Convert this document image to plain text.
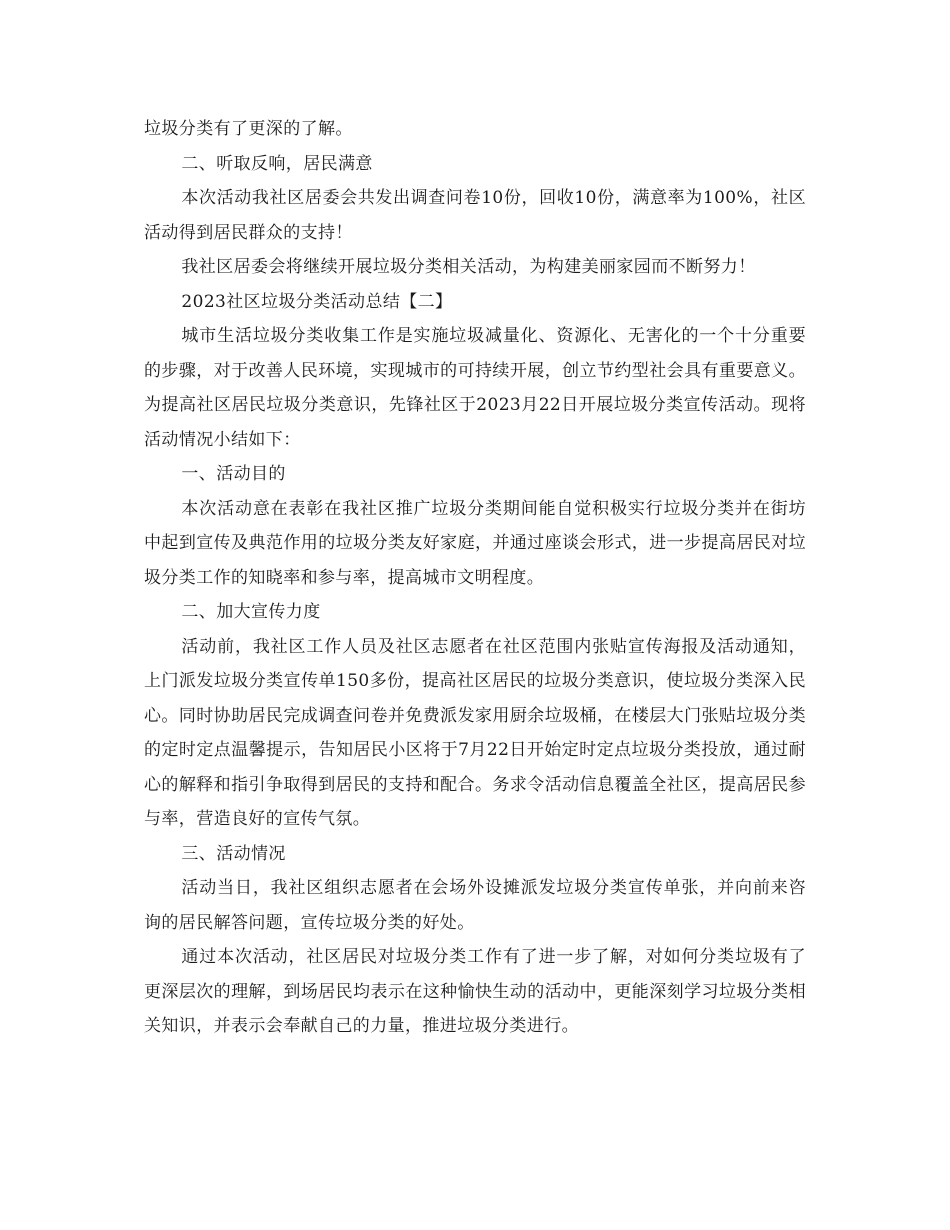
垃圾分类有了更深的了解。

二、听取反响，居民满意

本次活动我社区居委会共发出调查问卷10份，回收10份，满意率为100%，社区活动得到居民群众的支持！

我社区居委会将继续开展垃圾分类相关活动，为构建美丽家园而不断努力！

2023社区垃圾分类活动总结【二】

城市生活垃圾分类收集工作是实施垃圾减量化、资源化、无害化的一个十分重要的步骤，对于改善人民环境，实现城市的可持续开展，创立节约型社会具有重要意义。为提高社区居民垃圾分类意识，先锋社区于2023月22日开展垃圾分类宣传活动。现将活动情况小结如下：

一、活动目的

本次活动意在表彰在我社区推广垃圾分类期间能自觉积极实行垃圾分类并在街坊中起到宣传及典范作用的垃圾分类友好家庭，并通过座谈会形式，进一步提高居民对垃圾分类工作的知晓率和参与率，提高城市文明程度。

二、加大宣传力度

活动前，我社区工作人员及社区志愿者在社区范围内张贴宣传海报及活动通知，上门派发垃圾分类宣传单150多份，提高社区居民的垃圾分类意识，使垃圾分类深入民心。同时协助居民完成调查问卷并免费派发家用厨余垃圾桶，在楼层大门张贴垃圾分类的定时定点温馨提示，告知居民小区将于7月22日开始定时定点垃圾分类投放，通过耐心的解释和指引争取得到居民的支持和配合。务求令活动信息覆盖全社区，提高居民参与率，营造良好的宣传气氛。

三、活动情况

活动当日，我社区组织志愿者在会场外设摊派发垃圾分类宣传单张，并向前来咨询的居民解答问题，宣传垃圾分类的好处。

通过本次活动，社区居民对垃圾分类工作有了进一步了解，对如何分类垃圾有了更深层次的理解，到场居民均表示在这种愉快生动的活动中，更能深刻学习垃圾分类相关知识，并表示会奉献自己的力量，推进垃圾分类进行。
